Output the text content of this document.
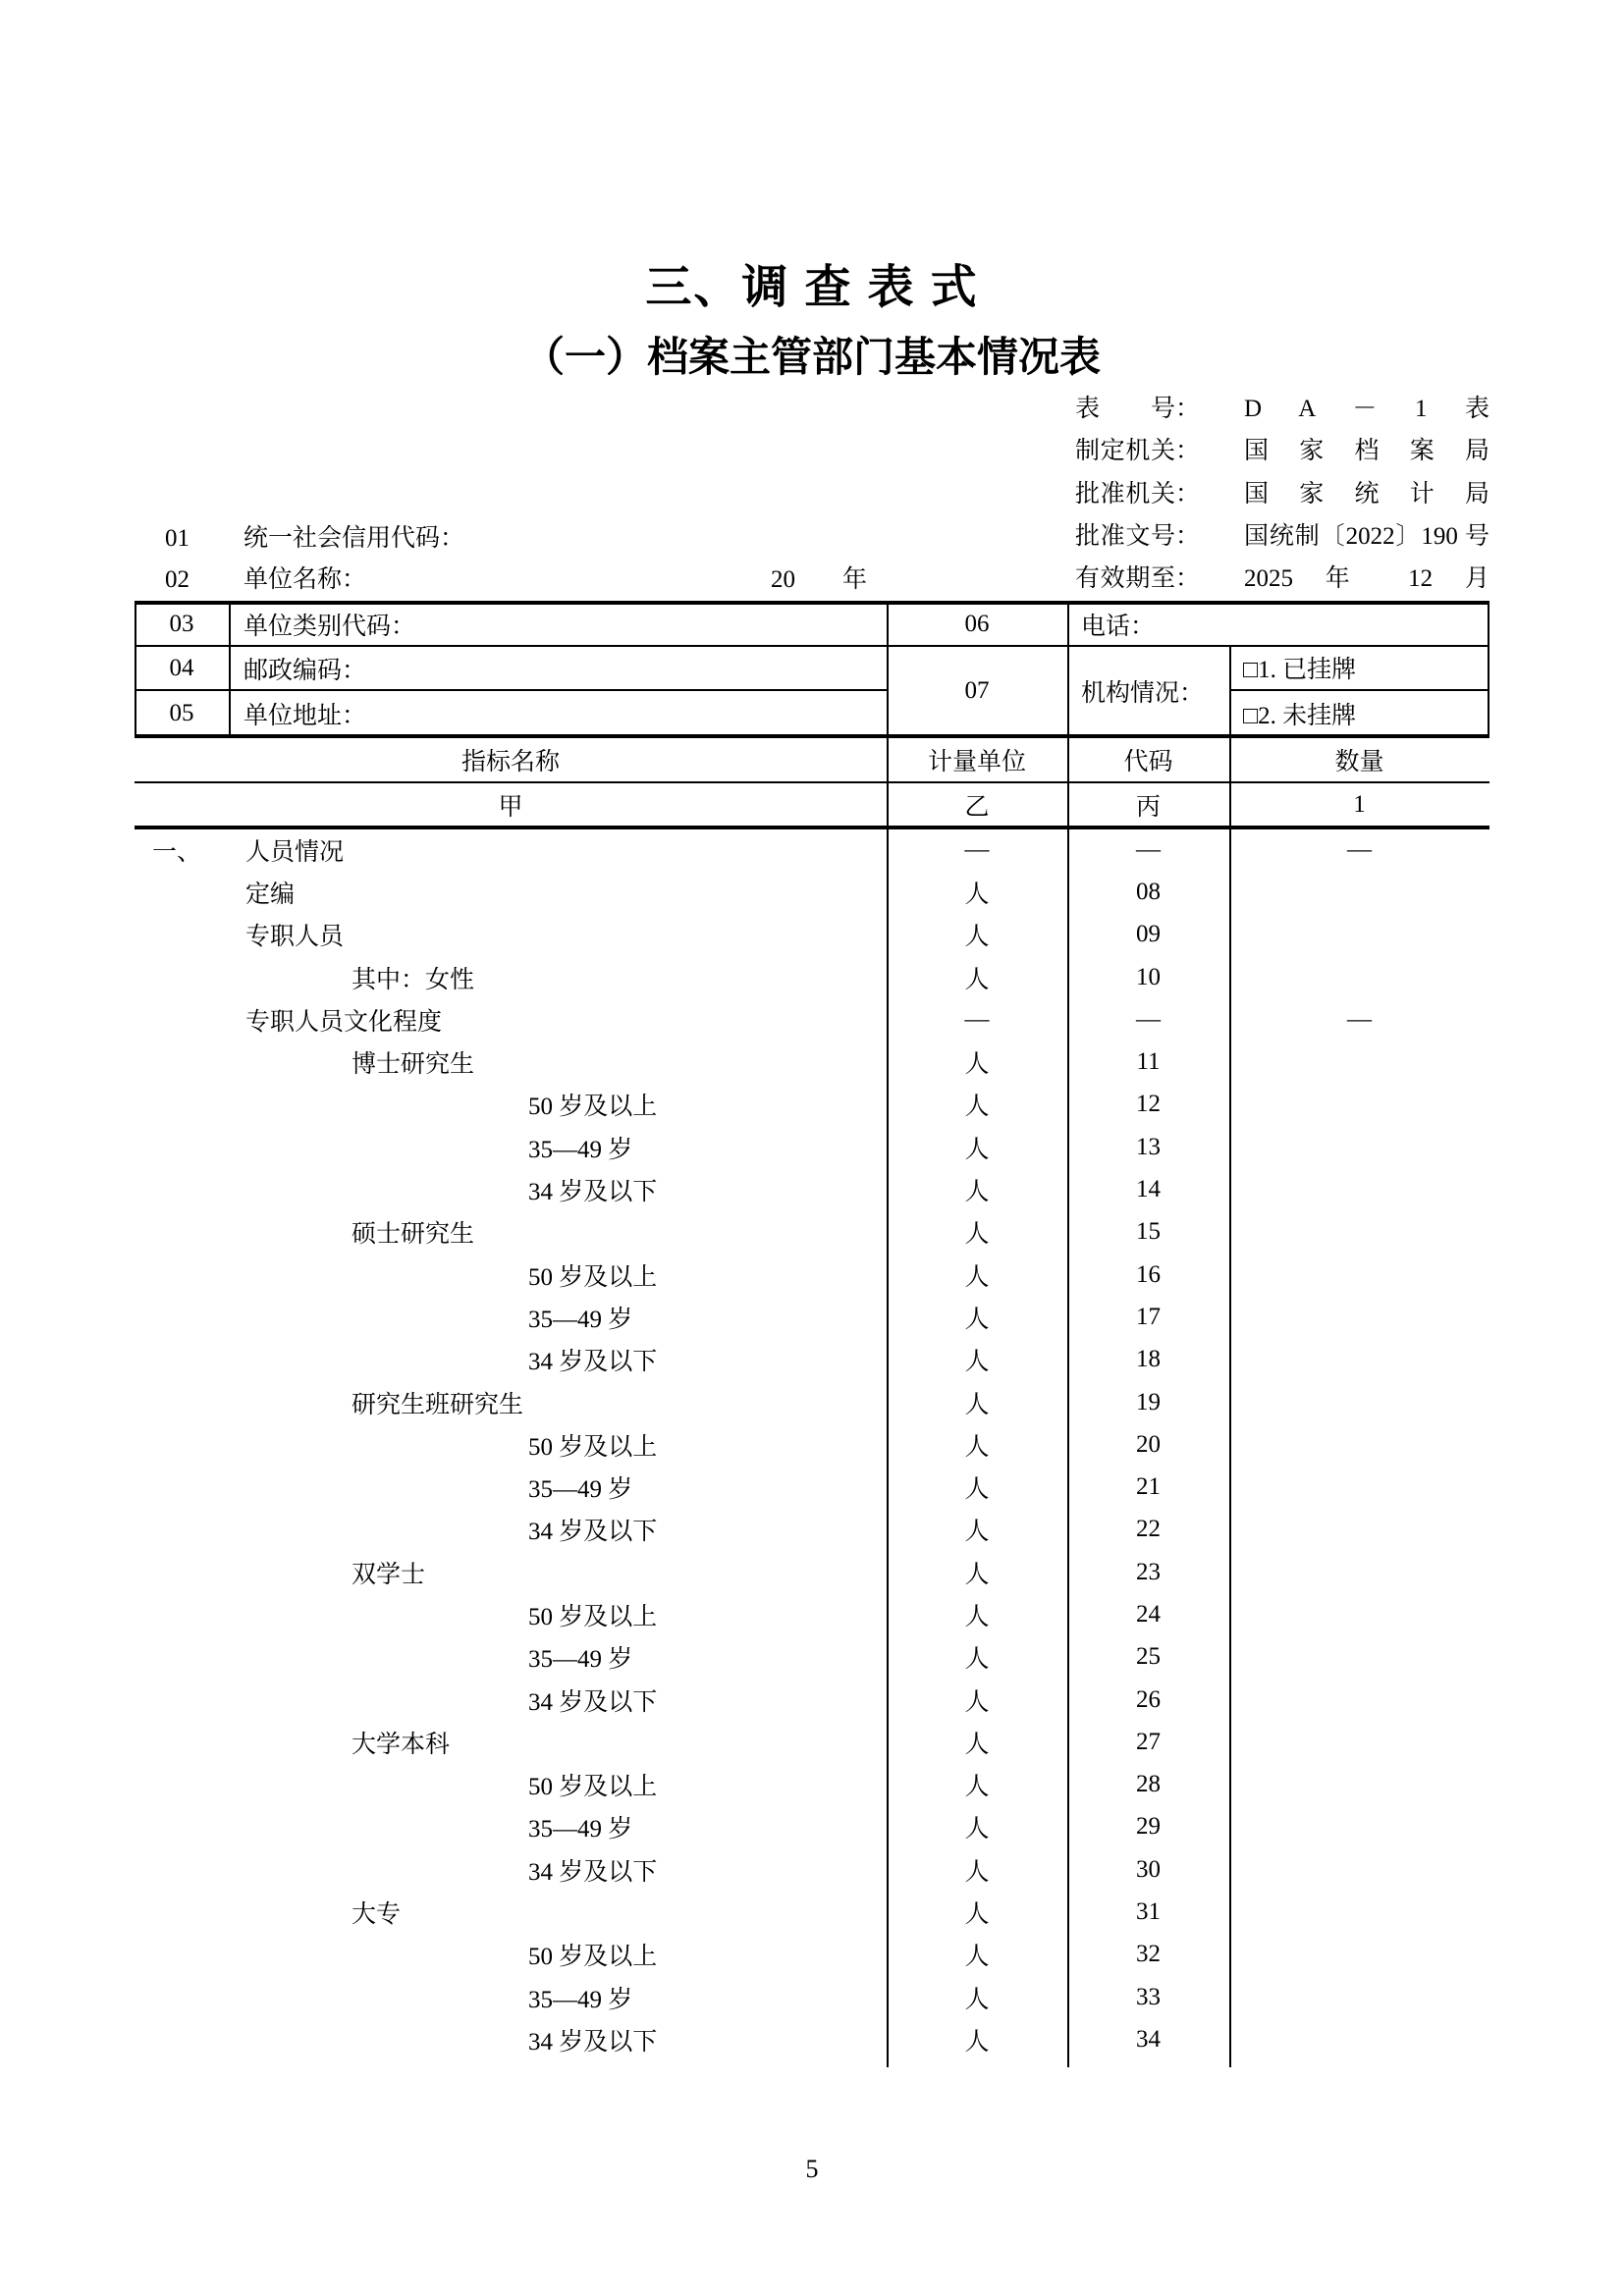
三、调 查 表 式
（一）档案主管部门基本情况表
表号 ： D A － 1 表
制定机关 ： 国 家 档 案 局
批准机关 ： 国 家 统 计 局
批准文号 ： 国统制〔2022〕190 号
有效期至 ： 2025 年 12 月
01 统一社会信用代码：
02 单位名称：	20 年
03	单位类别代码：	06	电话：
04	邮政编码：
05	单位地址：
07	机构情况：
□1. 已挂牌
□2. 未挂牌
指标名称	计量单位	代码	数量
甲	乙	丙	1
一、 人员情况	—	—	—
定编	人	08
专职人员	人	09
其中：女性	人	10
专职人员文化程度	—	—	—
博士研究生	人	11
50 岁及以上	人	12
35—49 岁	人	13
34 岁及以下	人	14
硕士研究生	人	15
50 岁及以上	人	16
35—49 岁	人	17
34 岁及以下	人	18
研究生班研究生	人	19
50 岁及以上	人	20
35—49 岁	人	21
34 岁及以下	人	22
双学士	人	23
50 岁及以上	人	24
35—49 岁	人	25
34 岁及以下	人	26
大学本科	人	27
50 岁及以上	人	28
35—49 岁	人	29
34 岁及以下	人	30
大专	人	31
50 岁及以上	人	32
35—49 岁	人	33
34 岁及以下	人	34
5
